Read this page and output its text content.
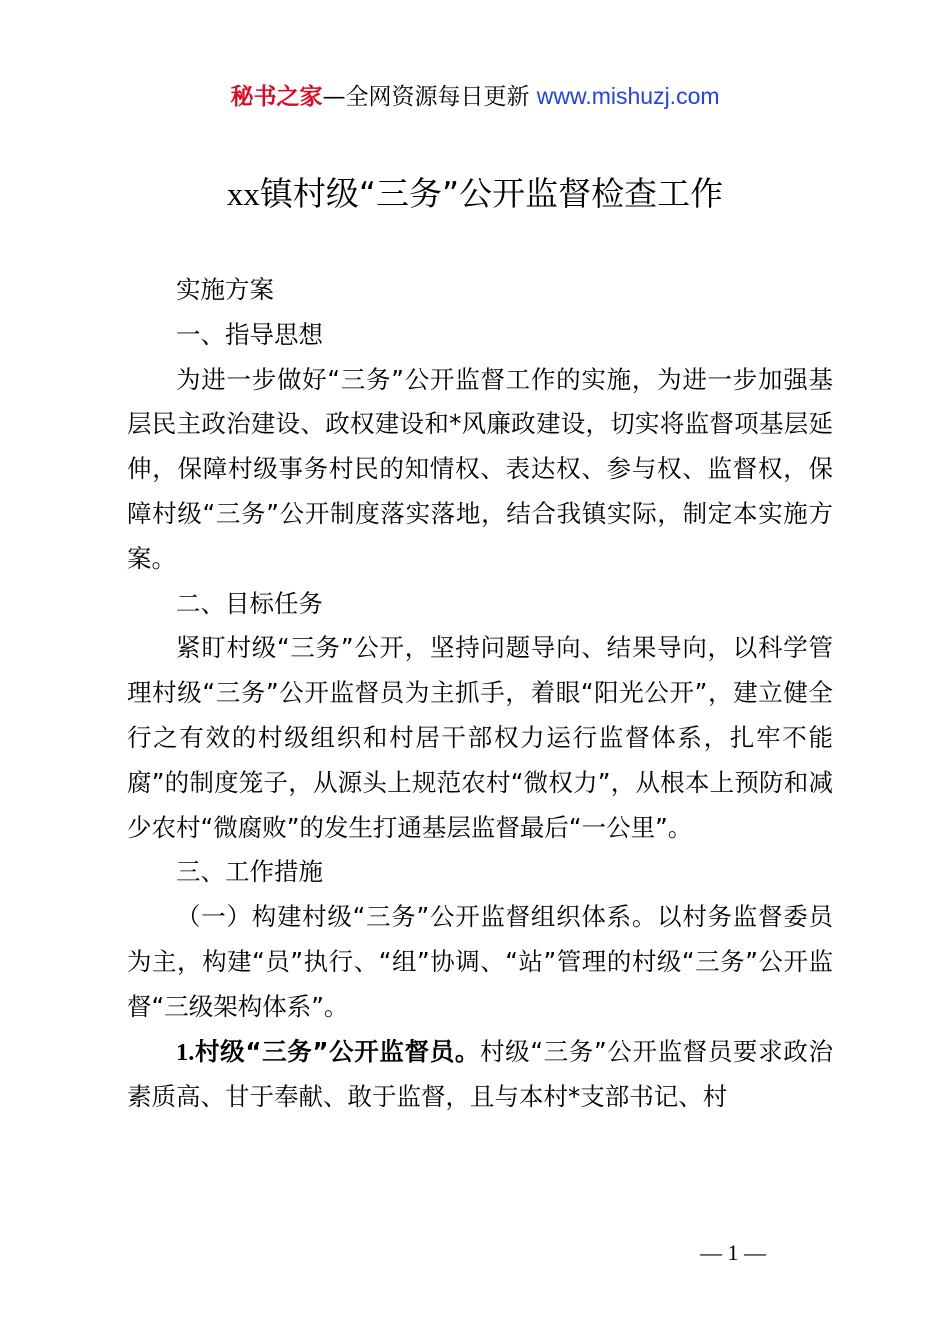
秘书之家—全网资源每日更新 www.mishuzj.com
xx镇村级“三务”公开监督检查工作

实施方案

一、指导思想

为进一步做好“三务”公开监督工作的实施，为进一步加强基层民主政治建设、政权建设和*风廉政建设，切实将监督项基层延伸，保障村级事务村民的知情权、表达权、参与权、监督权，保障村级“三务”公开制度落实落地，结合我镇实际，制定本实施方案。

二、目标任务

紧盯村级“三务”公开，坚持问题导向、结果导向，以科学管理村级“三务”公开监督员为主抓手，着眼“阳光公开”，建立健全行之有效的村级组织和村居干部权力运行监督体系，扎牢不能腐”的制度笼子，从源头上规范农村“微权力”，从根本上预防和减少农村“微腐败”的发生打通基层监督最后“一公里”。

三、工作措施

（一）构建村级“三务”公开监督组织体系。以村务监督委员为主，构建“员”执行、“组”协调、“站”管理的村级“三务”公开监督“三级架构体系”。

1.村级“三务”公开监督员。村级“三务”公开监督员要求政治素质高、甘于奉献、敢于监督，且与本村*支部书记、村

— 1 —
